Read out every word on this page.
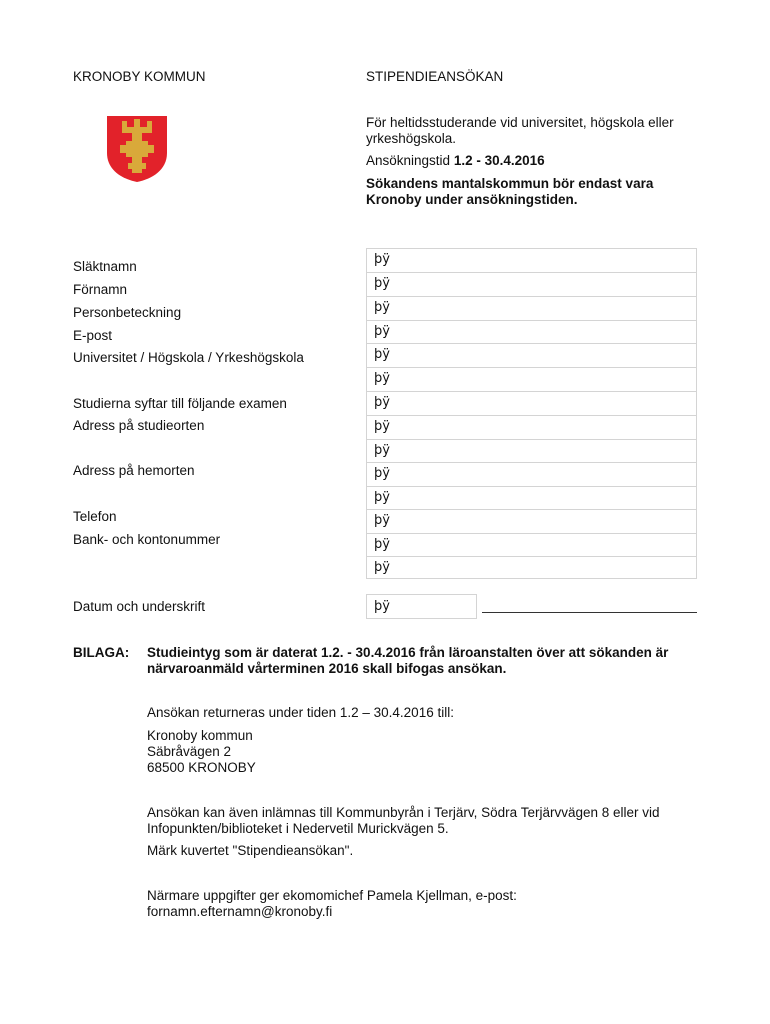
KRONOBY KOMMUN	STIPENDIEANSÖKAN
För heltidsstuderande vid universitet, högskola eller
yrkeshögskola.
Ansökningstid 1.2 - 30.4.2016
Sökandens mantalskommun bör endast vara
Kronoby under ansökningstiden.
Släktnamn
Förnamn
Personbeteckning
E-post
Universitet / Högskola / Yrkeshögskola
Studierna syftar till följande examen
Adress på studieorten
Adress på hemorten
Telefon
Bank- och kontonummer
Datum och underskrift
þÿ
þÿ
þÿ
þÿ
þÿ
þÿ
þÿ
þÿ
þÿ
þÿ
þÿ
þÿ
þÿ
þÿ
þÿ
BILAGA: Studieintyg som är daterat 1.2. - 30.4.2016 från läroanstalten över att sökanden är
närvaroanmäld vårterminen 2016 skall bifogas ansökan.
Ansökan returneras under tiden 1.2 – 30.4.2016 till:
Kronoby kommun
Säbråvägen 2
68500 KRONOBY
Ansökan kan även inlämnas till Kommunbyrån i Terjärv, Södra Terjärvvägen 8 eller vid
Infopunkten/biblioteket i Nedervetil Murickvägen 5.
Märk kuvertet "Stipendieansökan".
Närmare uppgifter ger ekomomichef Pamela Kjellman, e-post:
fornamn.efternamn@kronoby.fi
